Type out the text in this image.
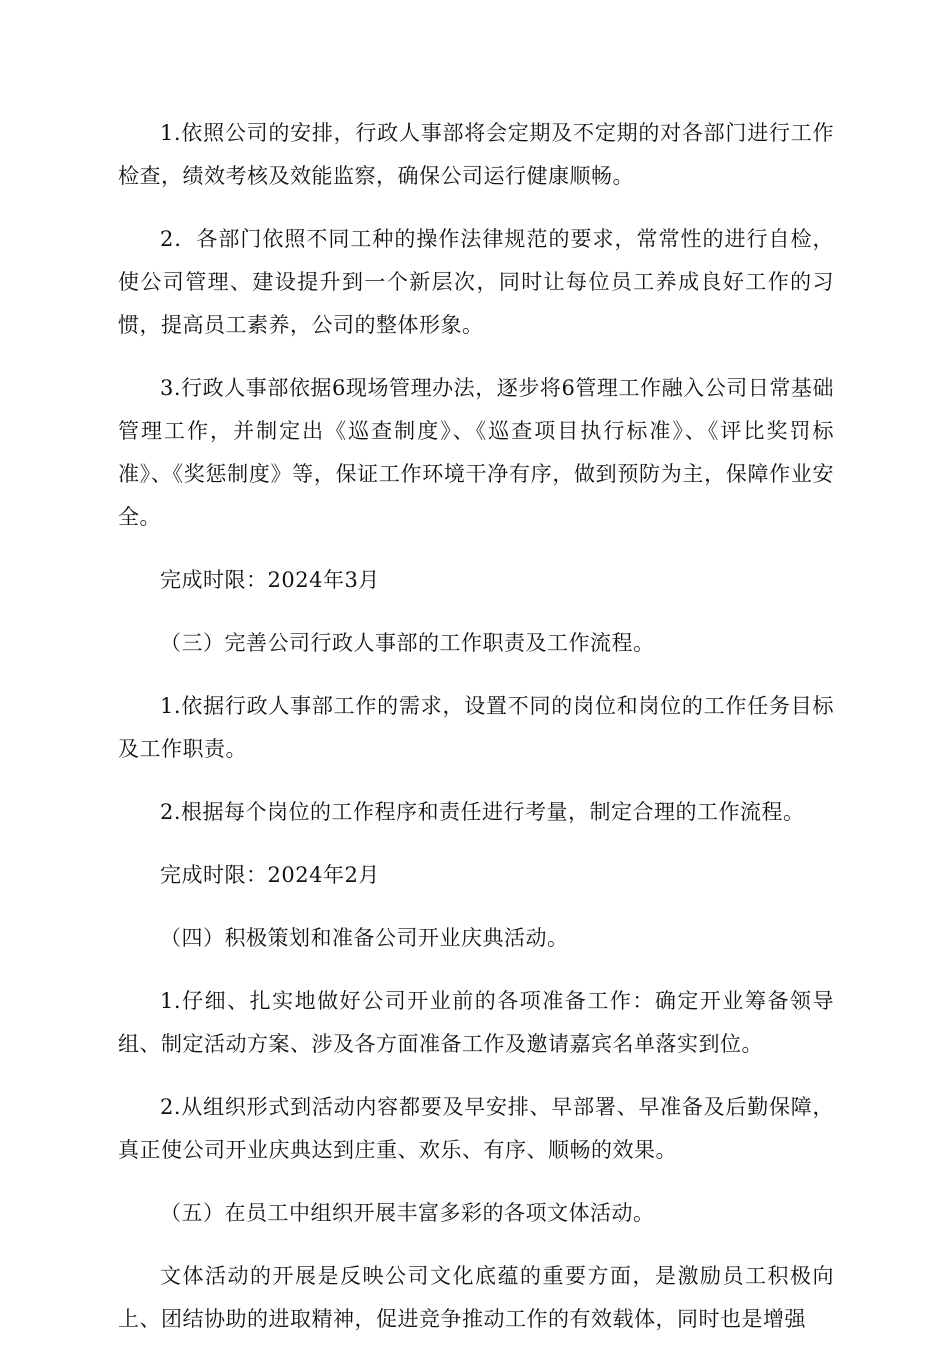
1.依照公司的安排，行政人事部将会定期及不定期的对各部门进行工作检查，绩效考核及效能监察，确保公司运行健康顺畅。

2．各部门依照不同工种的操作法律规范的要求，常常性的进行自检，使公司管理、建设提升到一个新层次，同时让每位员工养成良好工作的习惯，提高员工素养，公司的整体形象。

3.行政人事部依据6现场管理办法，逐步将6管理工作融入公司日常基础管理工作，并制定出《巡查制度》、《巡查项目执行标准》、《评比奖罚标准》、《奖惩制度》等，保证工作环境干净有序，做到预防为主，保障作业安全。

完成时限：2024年3月

（三）完善公司行政人事部的工作职责及工作流程。

1.依据行政人事部工作的需求，设置不同的岗位和岗位的工作任务目标及工作职责。

2.根据每个岗位的工作程序和责任进行考量，制定合理的工作流程。

完成时限：2024年2月

（四）积极策划和准备公司开业庆典活动。

1.仔细、扎实地做好公司开业前的各项准备工作：确定开业筹备领导组、制定活动方案、涉及各方面准备工作及邀请嘉宾名单落实到位。

2.从组织形式到活动内容都要及早安排、早部署、早准备及后勤保障，真正使公司开业庆典达到庄重、欢乐、有序、顺畅的效果。

（五）在员工中组织开展丰富多彩的各项文体活动。

文体活动的开展是反映公司文化底蕴的重要方面，是激励员工积极向上、团结协助的进取精神，促进竞争推动工作的有效载体，同时也是增强
